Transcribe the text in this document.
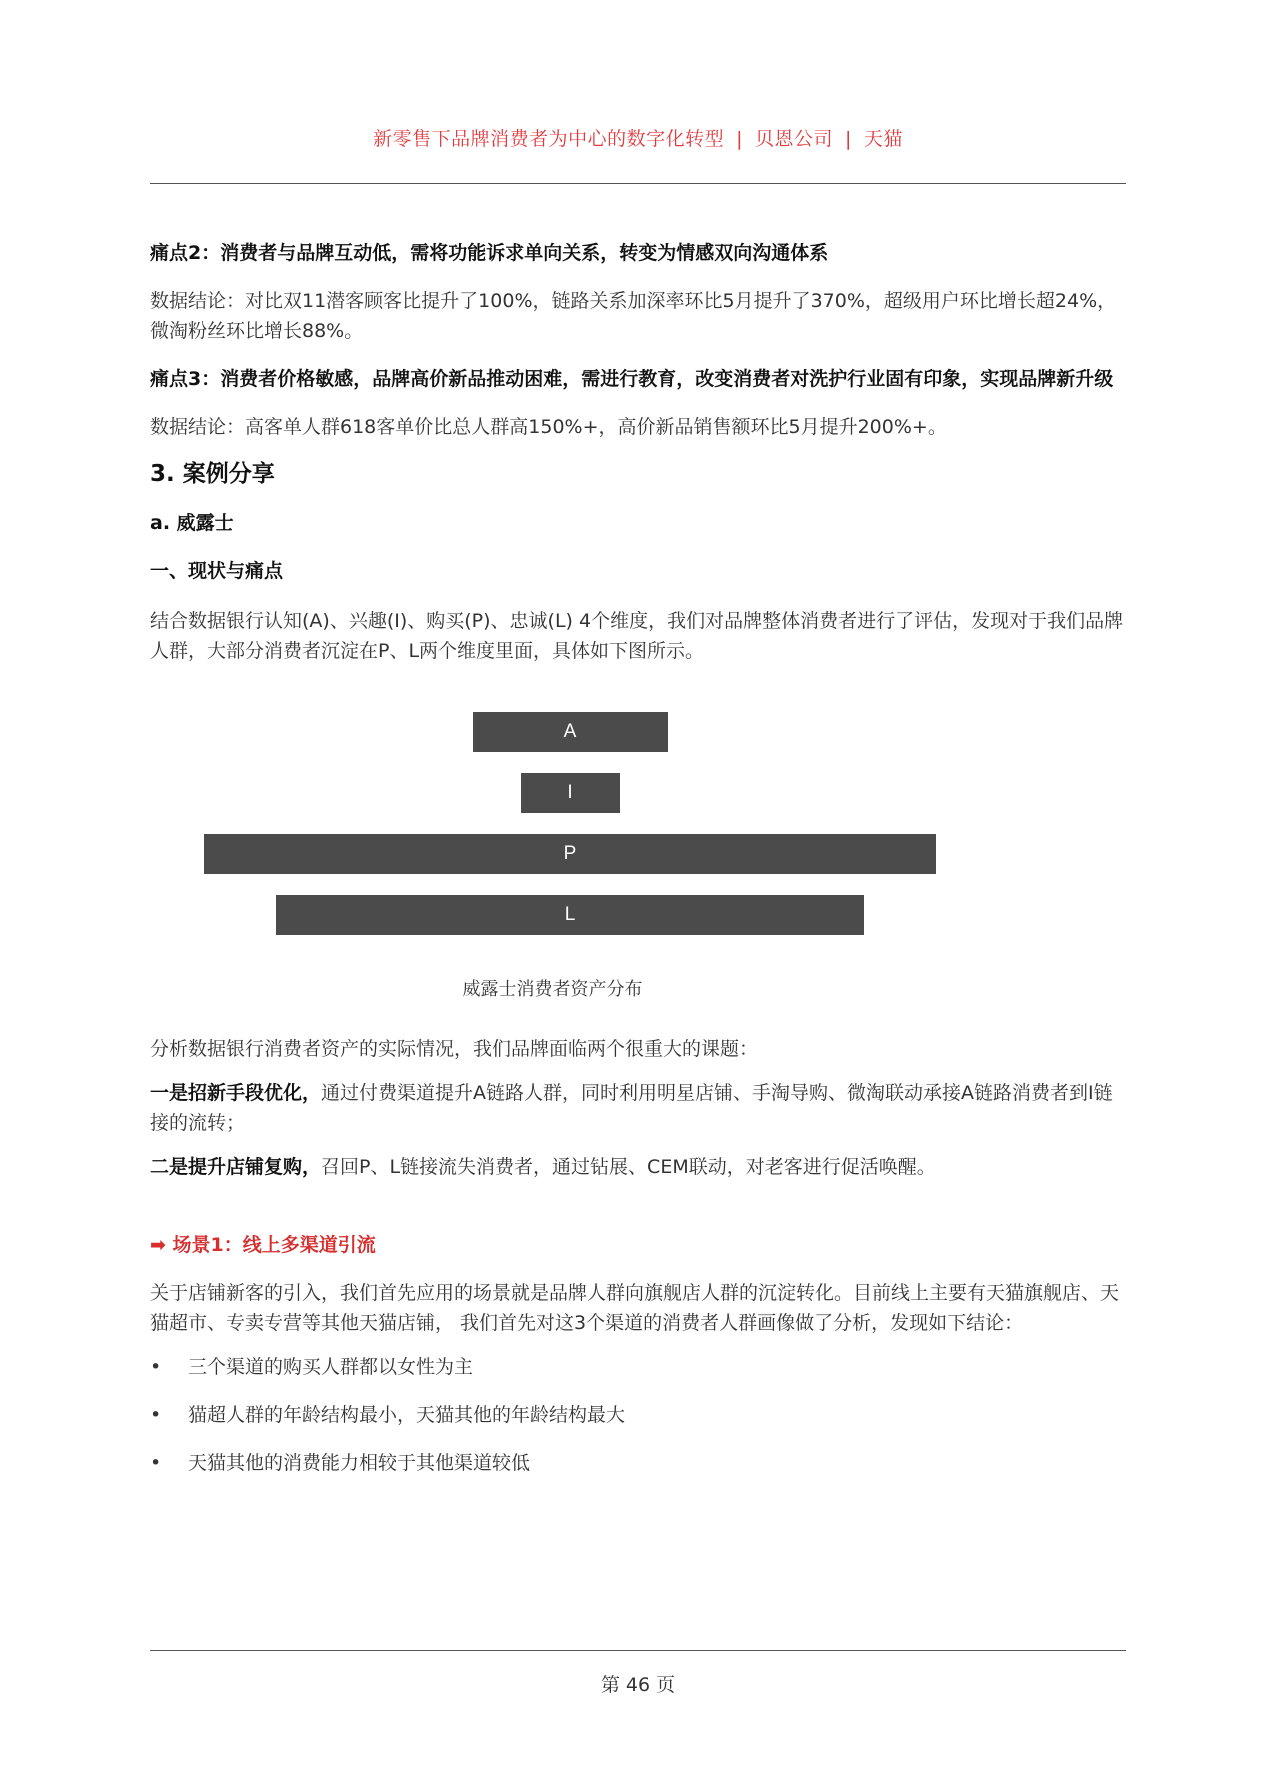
新零售下品牌消费者为中心的数字化转型 | 贝恩公司 | 天猫

痛点2：消费者与品牌互动低，需将功能诉求单向关系，转变为情感双向沟通体系

数据结论：对比双11潜客顾客比提升了100%，链路关系加深率环比5月提升了370%，超级用户环比增长超24%，微淘粉丝环比增长88%。

痛点3：消费者价格敏感，品牌高价新品推动困难，需进行教育，改变消费者对洗护行业固有印象，实现品牌新升级

数据结论：高客单人群618客单价比总人群高150%+，高价新品销售额环比5月提升200%+。

3. 案例分享

a. 威露士

一、现状与痛点

结合数据银行认知(A)、兴趣(I)、购买(P)、忠诚(L) 4个维度，我们对品牌整体消费者进行了评估，发现对于我们品牌人群，大部分消费者沉淀在P、L两个维度里面，具体如下图所示。

威露士消费者资产分布
A
I
P
L

分析数据银行消费者资产的实际情况，我们品牌面临两个很重大的课题：

一是招新手段优化，通过付费渠道提升A链路人群，同时利用明星店铺、手淘导购、微淘联动承接A链路消费者到I链接的流转；

二是提升店铺复购，召回P、L链接流失消费者，通过钻展、CEM联动，对老客进行促活唤醒。

➡ 场景1：线上多渠道引流

关于店铺新客的引入，我们首先应用的场景就是品牌人群向旗舰店人群的沉淀转化。目前线上主要有天猫旗舰店、天猫超市、专卖专营等其他天猫店铺， 我们首先对这3个渠道的消费者人群画像做了分析，发现如下结论：

• 三个渠道的购买人群都以女性为主
• 猫超人群的年龄结构最小，天猫其他的年龄结构最大
• 天猫其他的消费能力相较于其他渠道较低
第 46 页
